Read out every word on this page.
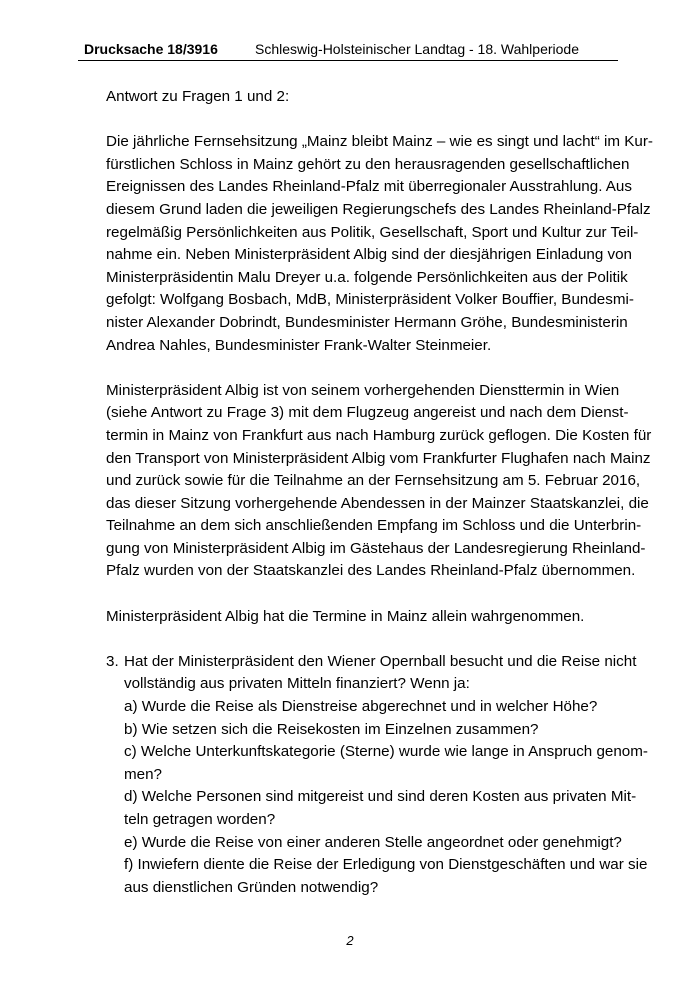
Drucksache 18/3916	Schleswig-Holsteinischer Landtag - 18. Wahlperiode
Antwort zu Fragen 1 und 2:
Die jährliche Fernsehsitzung „Mainz bleibt Mainz – wie es singt und lacht“ im Kur-
fürstlichen Schloss in Mainz gehört zu den herausragenden gesellschaftlichen
Ereignissen des Landes Rheinland-Pfalz mit überregionaler Ausstrahlung. Aus
diesem Grund laden die jeweiligen Regierungschefs des Landes Rheinland-Pfalz
regelmäßig Persönlichkeiten aus Politik, Gesellschaft, Sport und Kultur zur Teil-
nahme ein. Neben Ministerpräsident Albig sind der diesjährigen Einladung von
Ministerpräsidentin Malu Dreyer u.a. folgende Persönlichkeiten aus der Politik
gefolgt: Wolfgang Bosbach, MdB, Ministerpräsident Volker Bouffier, Bundesmi-
nister Alexander Dobrindt, Bundesminister Hermann Gröhe, Bundesministerin
Andrea Nahles, Bundesminister Frank-Walter Steinmeier.
Ministerpräsident Albig ist von seinem vorhergehenden Diensttermin in Wien
(siehe Antwort zu Frage 3) mit dem Flugzeug angereist und nach dem Dienst-
termin in Mainz von Frankfurt aus nach Hamburg zurück geflogen. Die Kosten für
den Transport von Ministerpräsident Albig vom Frankfurter Flughafen nach Mainz
und zurück sowie für die Teilnahme an der Fernsehsitzung am 5. Februar 2016,
das dieser Sitzung vorhergehende Abendessen in der Mainzer Staatskanzlei, die
Teilnahme an dem sich anschließenden Empfang im Schloss und die Unterbrin-
gung von Ministerpräsident Albig im Gästehaus der Landesregierung Rheinland-
Pfalz wurden von der Staatskanzlei des Landes Rheinland-Pfalz übernommen.
Ministerpräsident Albig hat die Termine in Mainz allein wahrgenommen.
3. Hat der Ministerpräsident den Wiener Opernball besucht und die Reise nicht
vollständig aus privaten Mitteln finanziert? Wenn ja:
a) Wurde die Reise als Dienstreise abgerechnet und in welcher Höhe?
b) Wie setzen sich die Reisekosten im Einzelnen zusammen?
c) Welche Unterkunftskategorie (Sterne) wurde wie lange in Anspruch genom-
men?
d) Welche Personen sind mitgereist und sind deren Kosten aus privaten Mit-
teln getragen worden?
e) Wurde die Reise von einer anderen Stelle angeordnet oder genehmigt?
f) Inwiefern diente die Reise der Erledigung von Dienstgeschäften und war sie
aus dienstlichen Gründen notwendig?
2
